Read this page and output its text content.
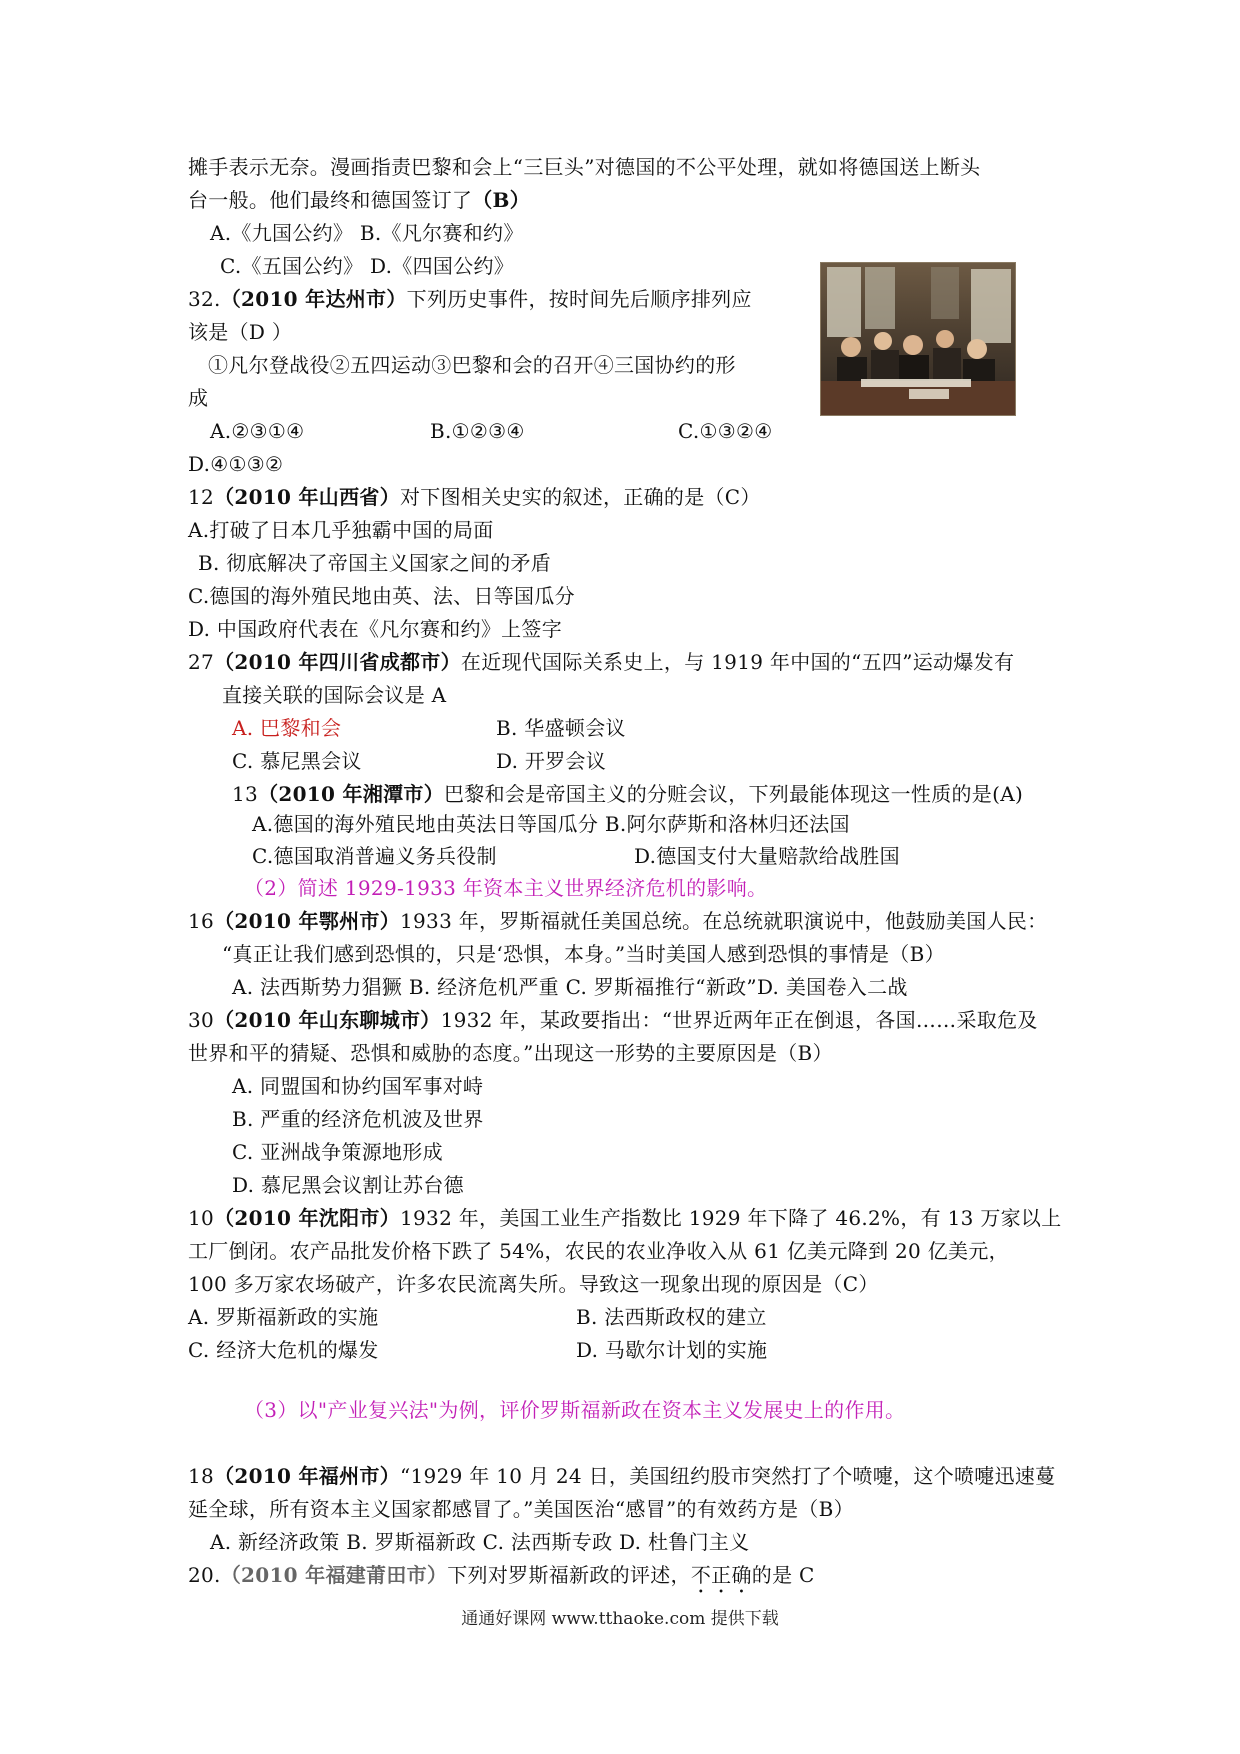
摊手表示无奈。漫画指责巴黎和会上“三巨头”对德国的不公平处理，就如将德国送上断头
台一般。他们最终和德国签订了（B）
A.《九国公约》 B.《凡尔赛和约》
C.《五国公约》 D.《四国公约》
32.（2010 年达州市）下列历史事件，按时间先后顺序排列应
该是（D ）
①凡尔登战役②五四运动③巴黎和会的召开④三国协约的形
成
A.②③①④	B.①②③④	C.①③②④
D.④①③②
12（2010 年山西省）对下图相关史实的叙述，正确的是（C）
A.打破了日本几乎独霸中国的局面
B. 彻底解决了帝国主义国家之间的矛盾
C.德国的海外殖民地由英、法、日等国瓜分
D. 中国政府代表在《凡尔赛和约》上签字
27（2010 年四川省成都市）在近现代国际关系史上，与 1919 年中国的“五四”运动爆发有
直接关联的国际会议是 A
A. 巴黎和会	B. 华盛顿会议
C. 慕尼黑会议	D. 开罗会议
13（2010 年湘潭市）巴黎和会是帝国主义的分赃会议，下列最能体现这一性质的是(A)
A.德国的海外殖民地由英法日等国瓜分 B.阿尔萨斯和洛林归还法国
C.德国取消普遍义务兵役制	D.德国支付大量赔款给战胜国
（2）简述 1929-1933 年资本主义世界经济危机的影响。
16（2010 年鄂州市）1933 年，罗斯福就任美国总统。在总统就职演说中，他鼓励美国人民：
“真正让我们感到恐惧的，只是‘恐惧，本身。”当时美国人感到恐惧的事情是（B）
A. 法西斯势力猖獗 B. 经济危机严重 C. 罗斯福推行“新政”D. 美国卷入二战
30（2010 年山东聊城市）1932 年，某政要指出：“世界近两年正在倒退，各国……采取危及
世界和平的猜疑、恐惧和威胁的态度。”出现这一形势的主要原因是（B）
A. 同盟国和协约国军事对峙
B. 严重的经济危机波及世界
C. 亚洲战争策源地形成
D. 慕尼黑会议割让苏台德
10（2010 年沈阳市）1932 年，美国工业生产指数比 1929 年下降了 46.2%，有 13 万家以上
工厂倒闭。农产品批发价格下跌了 54%，农民的农业净收入从 61 亿美元降到 20 亿美元，
100 多万家农场破产，许多农民流离失所。导致这一现象出现的原因是（C）
A. 罗斯福新政的实施	B. 法西斯政权的建立
C. 经济大危机的爆发	D. 马歇尔计划的实施
（3）以"产业复兴法"为例，评价罗斯福新政在资本主义发展史上的作用。
18（2010 年福州市）“1929 年 10 月 24 日，美国纽约股市突然打了个喷嚏，这个喷嚏迅速蔓
延全球，所有资本主义国家都感冒了。”美国医治“感冒”的有效药方是（B）
A. 新经济政策 B. 罗斯福新政 C. 法西斯专政 D. 杜鲁门主义
20.（2010 年福建莆田市）下列对罗斯福新政的评述，不正确的是 C
通通好课网 www.tthaoke.com 提供下载
